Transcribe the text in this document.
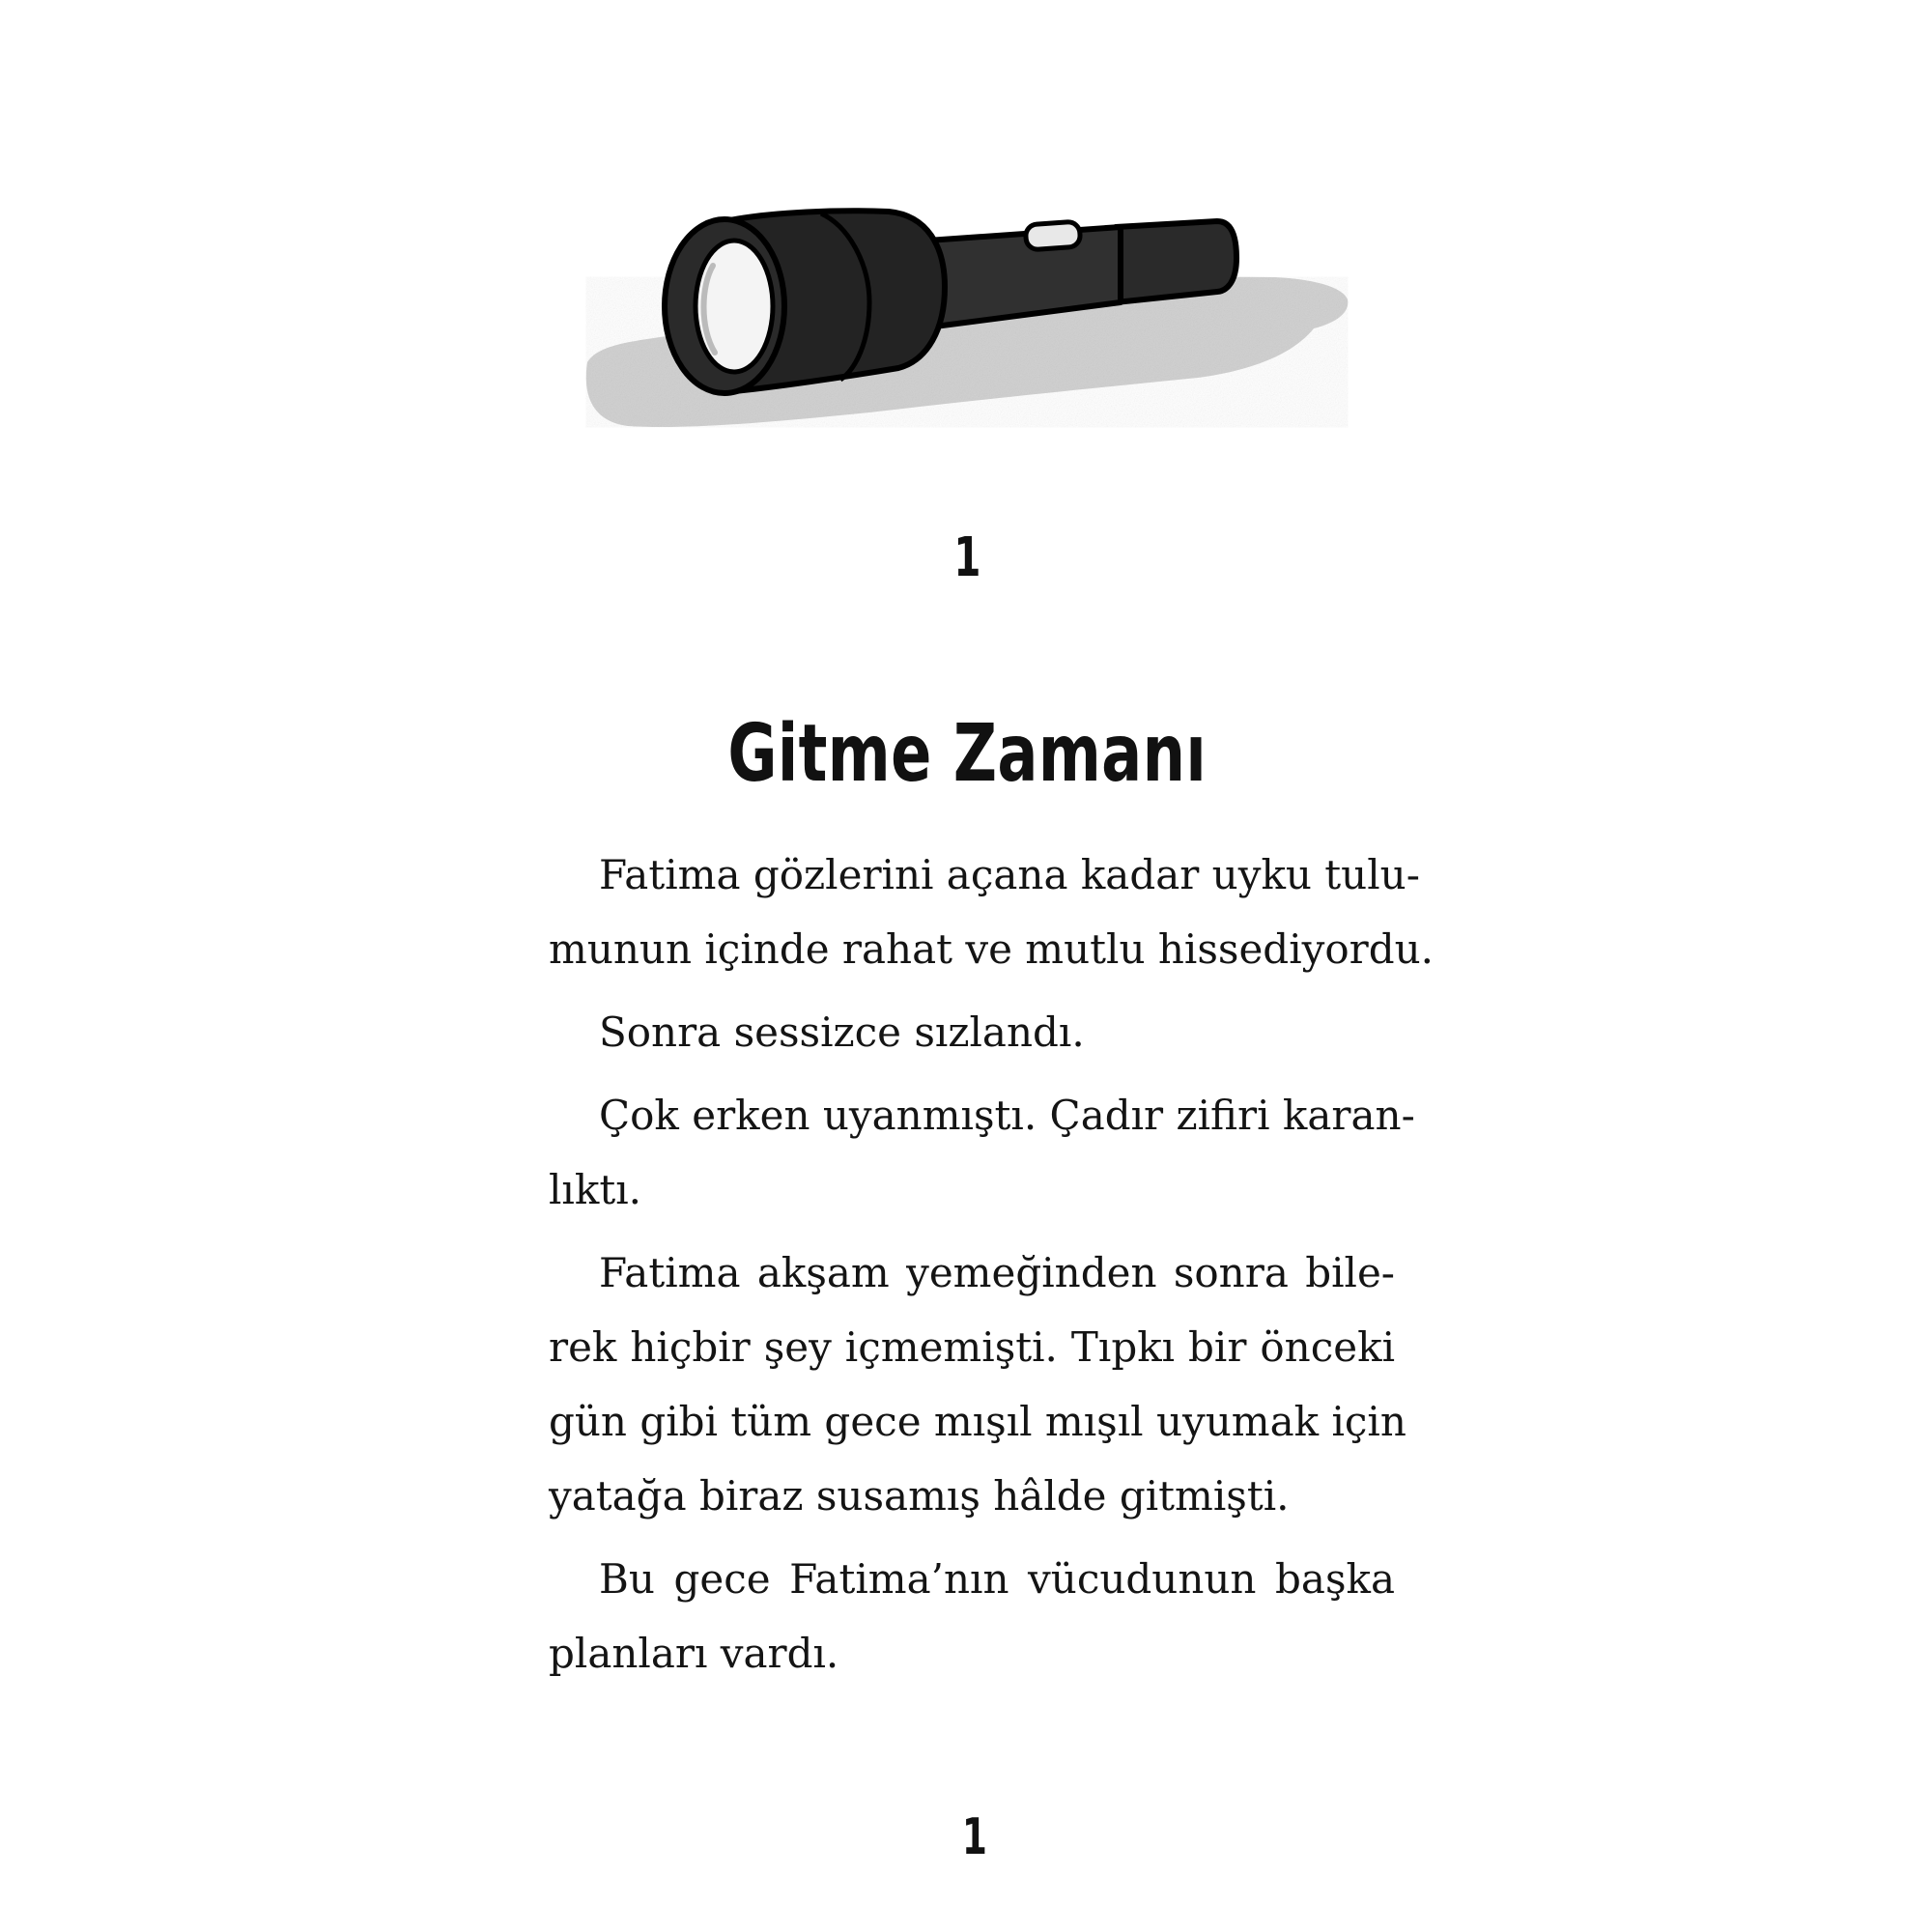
1
Gitme Zamanı

Fatima gözlerini açana kadar uyku tulu-
munun içinde rahat ve mutlu hissediyordu.

Sonra sessizce sızlandı.

Çok erken uyanmıştı. Çadır zifiri karan-
lıktı.

Fatima akşam yemeğinden sonra bile-
rek hiçbir şey içmemişti. Tıpkı bir önceki
gün gibi tüm gece mışıl mışıl uyumak için
yatağa biraz susamış hâlde gitmişti.

Bu gece Fatima’nın vücudunun başka
planları vardı.

1
